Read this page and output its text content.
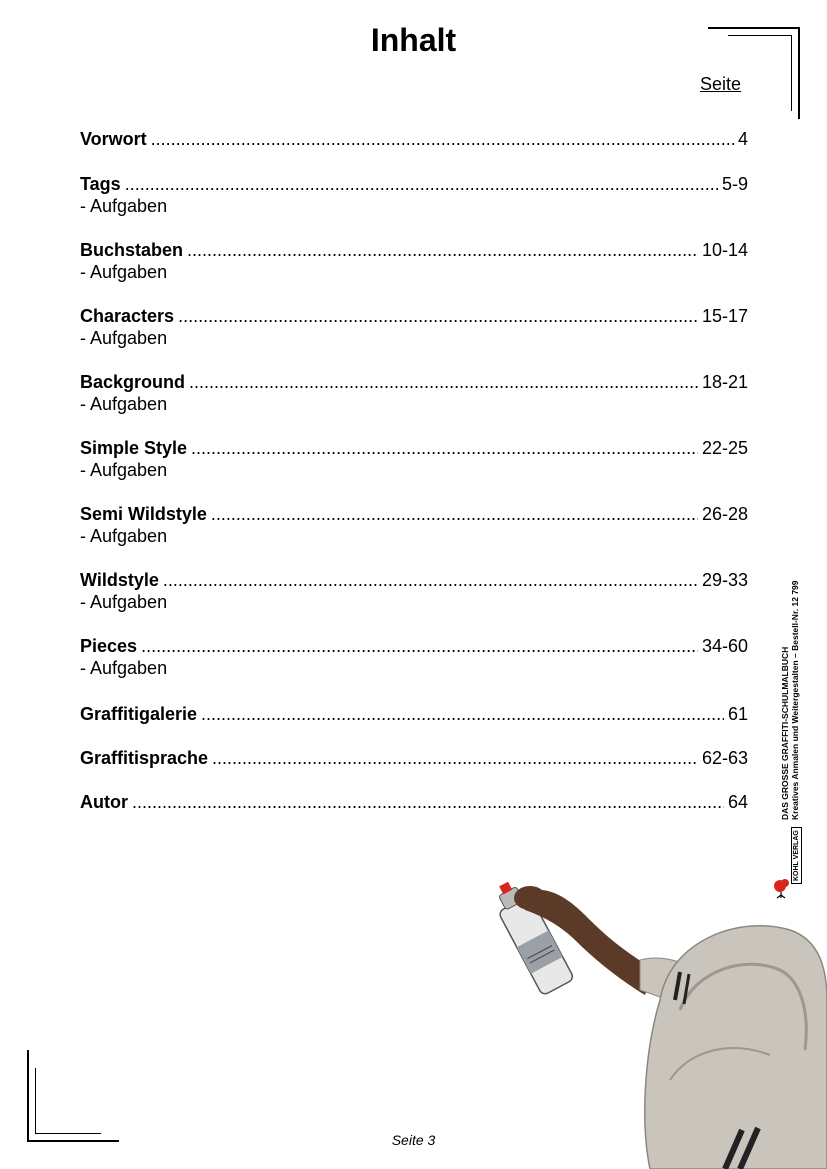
Inhalt
Seite
Vorwort .....	4
Tags .....	5-9
- Aufgaben
Buchstaben .....	10-14
- Aufgaben
Characters .....	15-17
- Aufgaben
Background .....	18-21
- Aufgaben
Simple Style .....	22-25
- Aufgaben
Semi Wildstyle .....	26-28
- Aufgaben
Wildstyle .....	29-33
- Aufgaben
Pieces .....	34-60
- Aufgaben
Graffitigalerie .....	61
Graffitisprache .....	62-63
Autor .....	64	DAS GROSSE GRAFFITI-SCHULMALBUCH Kreatives Anmalen und Weitergestalten – Bestell-Nr. 12 799
KOHL VERLAG
Seite 3
